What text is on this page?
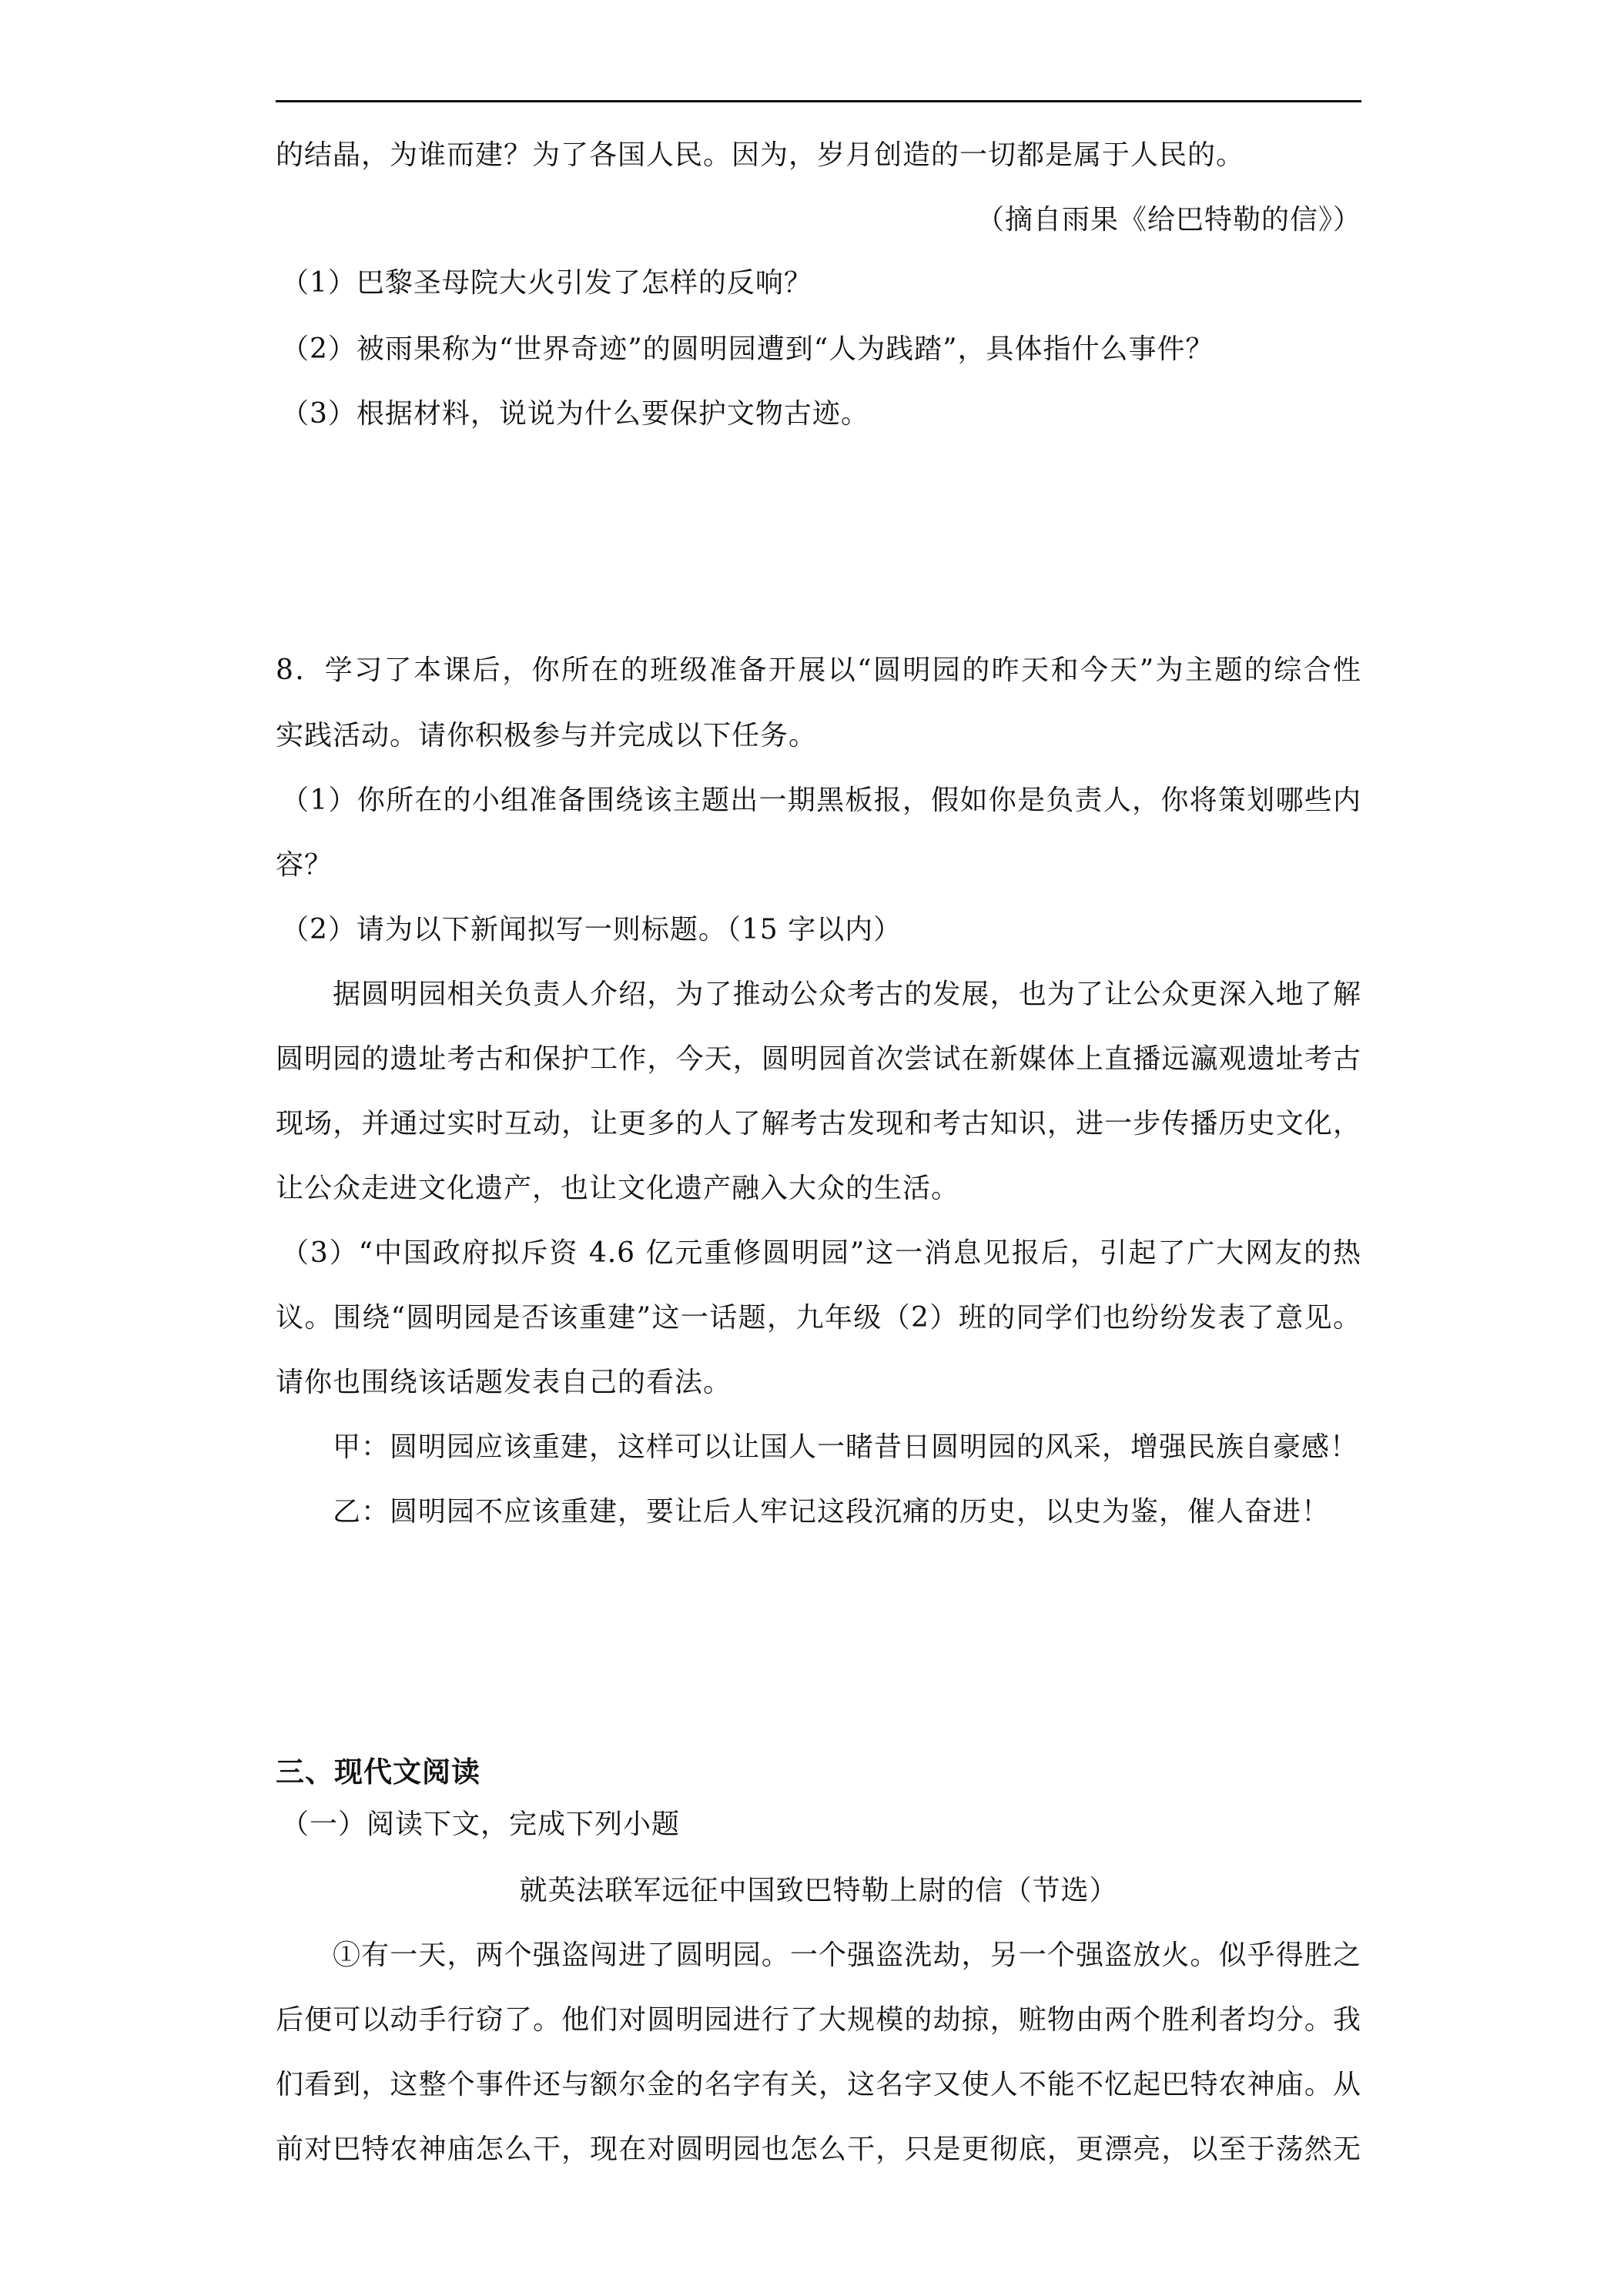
的结晶，为谁而建？为了各国人民。因为，岁月创造的一切都是属于人民的。
（摘自雨果《给巴特勒的信》）
（1）巴黎圣母院大火引发了怎样的反响？
（2）被雨果称为“世界奇迹”的圆明园遭到“人为践踏”，具体指什么事件？
（3）根据材料，说说为什么要保护文物古迹。
8．学习了本课后，你所在的班级准备开展以“圆明园的昨天和今天”为主题的综合性
实践活动。请你积极参与并完成以下任务。
（1）你所在的小组准备围绕该主题出一期黑板报，假如你是负责人，你将策划哪些内
容？
（2）请为以下新闻拟写一则标题。（15 字以内）
据圆明园相关负责人介绍，为了推动公众考古的发展，也为了让公众更深入地了解
圆明园的遗址考古和保护工作，今天，圆明园首次尝试在新媒体上直播远瀛观遗址考古
现场，并通过实时互动，让更多的人了解考古发现和考古知识，进一步传播历史文化，
让公众走进文化遗产，也让文化遗产融入大众的生活。
（3）“中国政府拟斥资 4.6 亿元重修圆明园”这一消息见报后，引起了广大网友的热
议。围绕“圆明园是否该重建”这一话题，九年级（2）班的同学们也纷纷发表了意见。
请你也围绕该话题发表自己的看法。
甲：圆明园应该重建，这样可以让国人一睹昔日圆明园的风采，增强民族自豪感！
乙：圆明园不应该重建，要让后人牢记这段沉痛的历史，以史为鉴，催人奋进！
三、现代文阅读
（一）阅读下文，完成下列小题
就英法联军远征中国致巴特勒上尉的信（节选）
①有一天，两个强盗闯进了圆明园。一个强盗洗劫，另一个强盗放火。似乎得胜之
后便可以动手行窃了。他们对圆明园进行了大规模的劫掠，赃物由两个胜利者均分。我
们看到，这整个事件还与额尔金的名字有关，这名字又使人不能不忆起巴特农神庙。从
前对巴特农神庙怎么干，现在对圆明园也怎么干，只是更彻底，更漂亮，以至于荡然无
